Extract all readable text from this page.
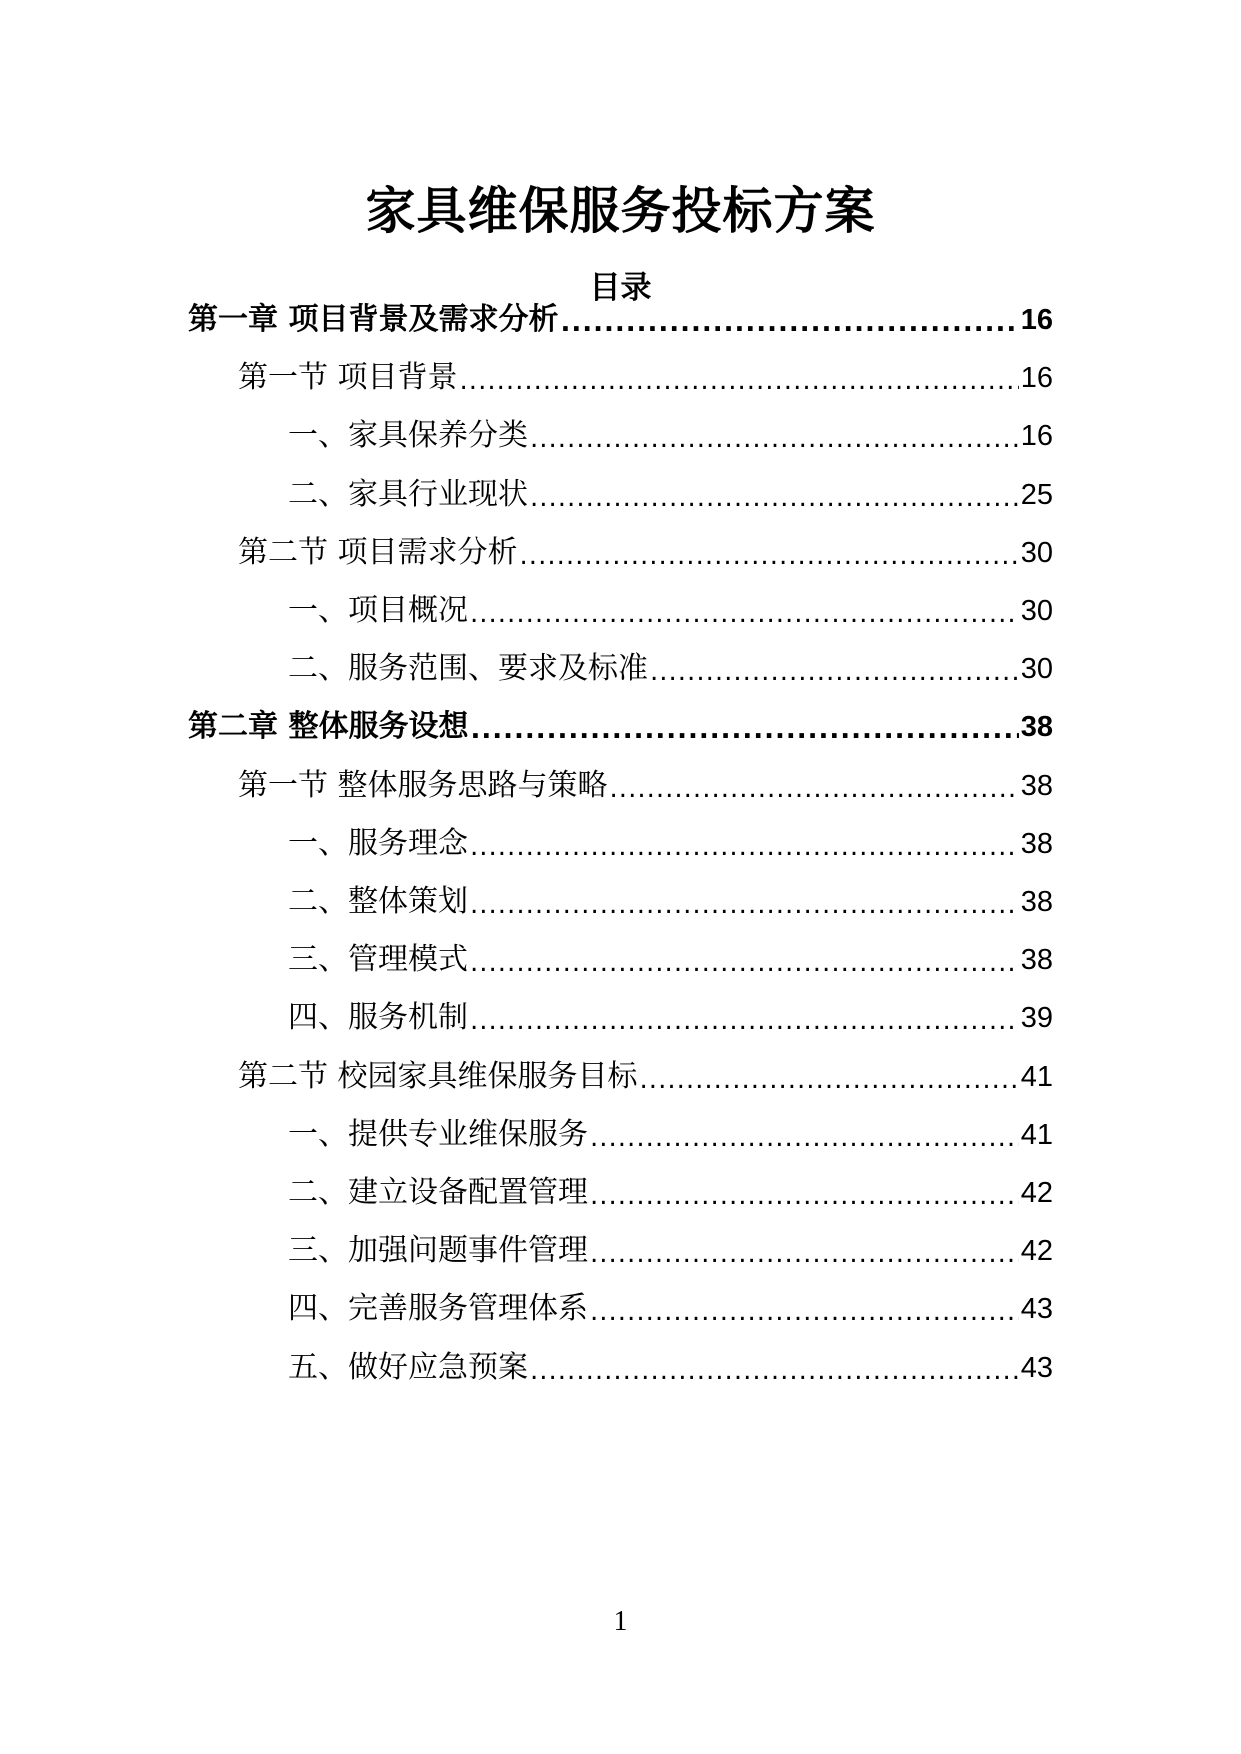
家具维保服务投标方案
目录
第一章 项目背景及需求分析 .....	16
第一节 项目背景 .....	16
一、家具保养分类 .....	16
二、家具行业现状 .....	25
第二节 项目需求分析 .....	30
一、项目概况 .....	30
二、服务范围、要求及标准 .....	30
第二章 整体服务设想 .....	38
第一节 整体服务思路与策略 .....	38
一、服务理念 .....	38
二、整体策划 .....	38
三、管理模式 .....	38
四、服务机制 .....	39
第二节 校园家具维保服务目标 .....	41
一、提供专业维保服务 .....	41
二、建立设备配置管理 .....	42
三、加强问题事件管理 .....	42
四、完善服务管理体系 .....	43
五、做好应急预案 .....	43
1
